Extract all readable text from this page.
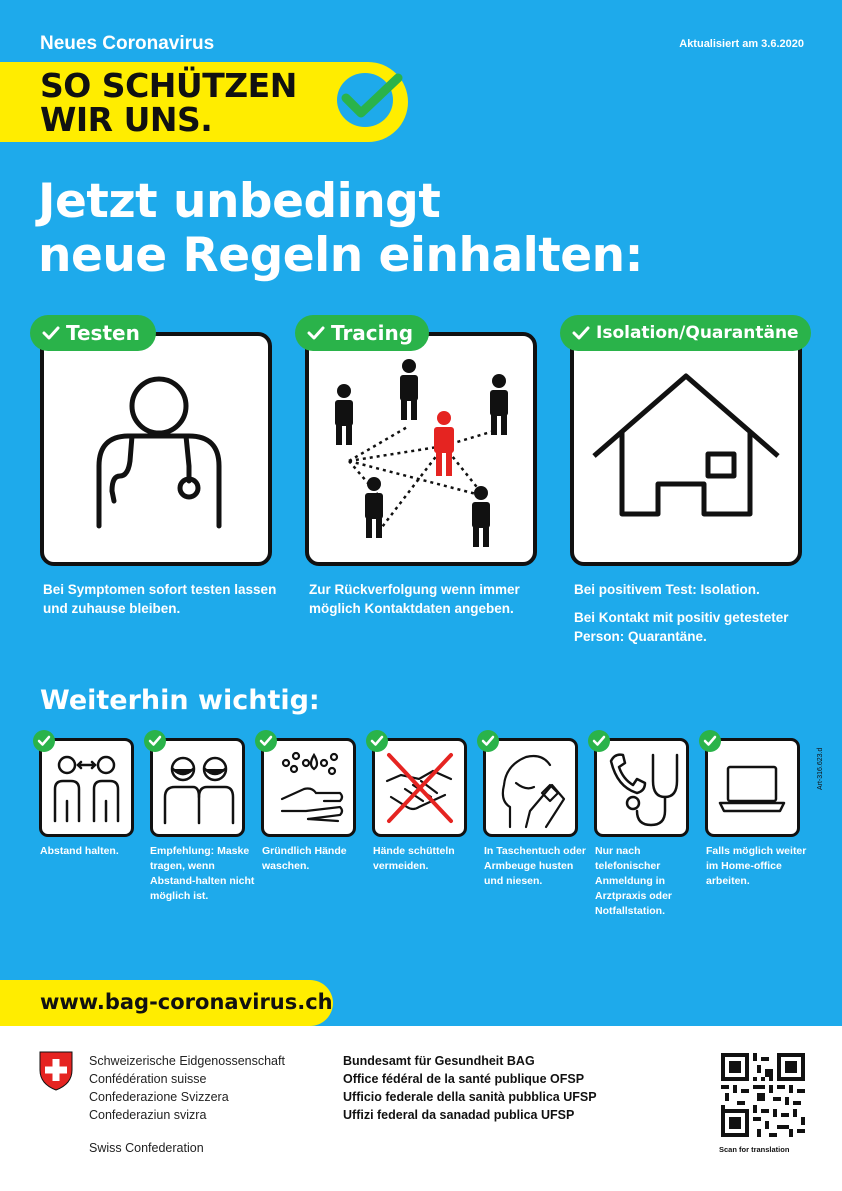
Neues Coronavirus	Aktualisiert am 3.6.2020
SO SCHÜTZEN
WIR UNS.
Jetzt unbedingt
neue Regeln einhalten:
Testen
Bei Symptomen sofort testen lassen und zuhause bleiben.
Tracing
Zur Rückverfolgung wenn immer möglich Kontaktdaten angeben.
Isolation/Quarantäne
Bei positivem Test: Isolation.
Bei Kontakt mit positiv getesteter Person: Quarantäne.
Weiterhin wichtig:
Abstand halten.	Empfehlung: Maske tragen, wenn Abstand-halten nicht möglich ist.
Gründlich Hände waschen.
Hände schütteln vermeiden.
In Taschentuch oder Armbeuge husten und niesen.
Nur nach telefonischer Anmeldung in Arztpraxis oder Notfallstation.
Falls möglich weiter im Home-office arbeiten.
Art-316.623.d
www.bag-coronavirus.ch
Schweizerische Eidgenossenschaft
Confédération suisse
Confederazione Svizzera
Confederaziun svizra
Swiss Confederation
Bundesamt für Gesundheit BAG
Office fédéral de la santé publique OFSP
Ufficio federale della sanità pubblica UFSP
Uffizi federal da sanadad publica UFSP
Scan for translation
